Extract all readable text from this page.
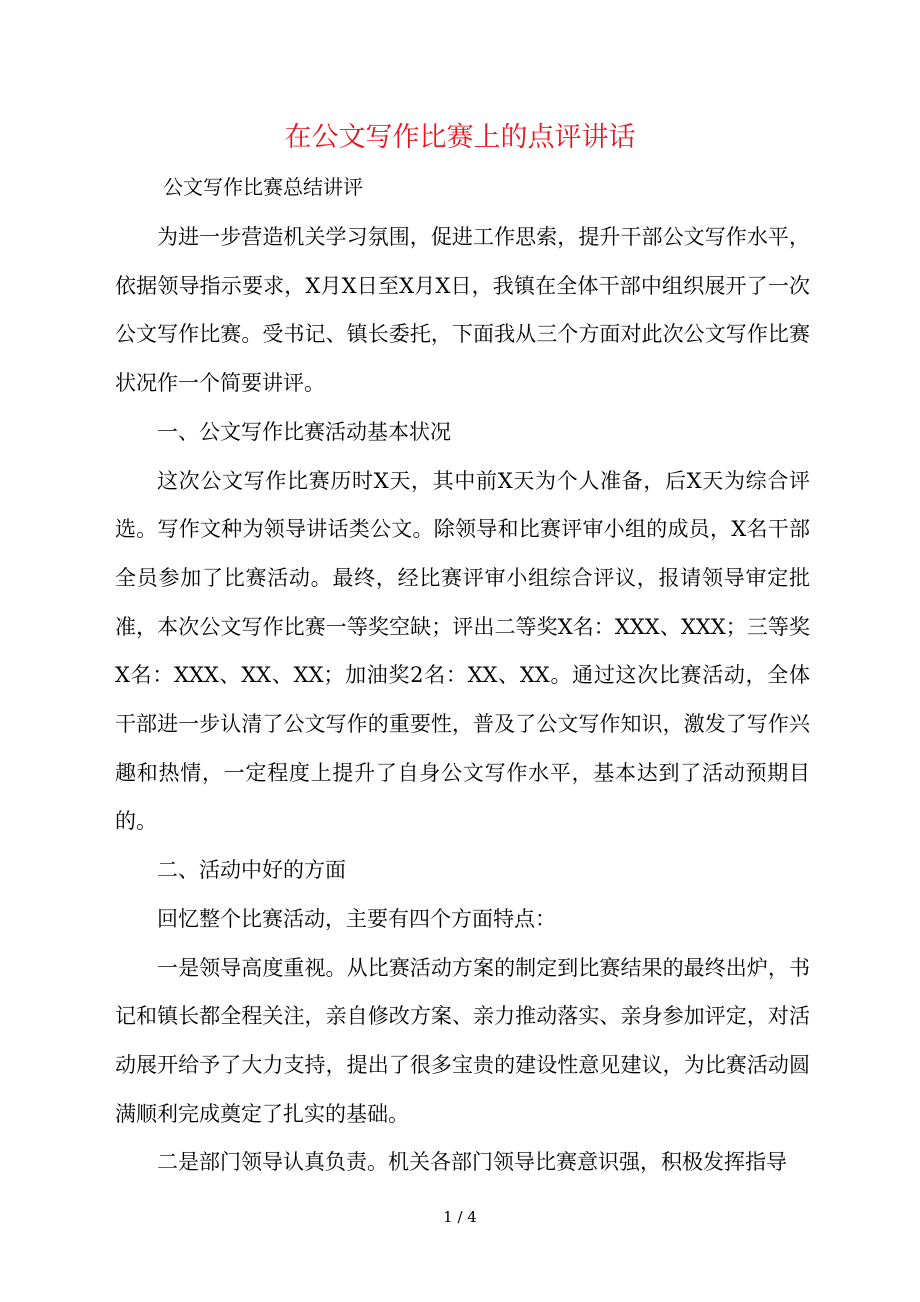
在公文写作比赛上的点评讲话

公文写作比赛总结讲评

为进一步营造机关学习氛围，促进工作思索，提升干部公文写作水平，依据领导指示要求，X月X日至X月X日，我镇在全体干部中组织展开了一次公文写作比赛。受书记、镇长委托，下面我从三个方面对此次公文写作比赛状况作一个简要讲评。

一、公文写作比赛活动基本状况

这次公文写作比赛历时X天，其中前X天为个人准备，后X天为综合评选。写作文种为领导讲话类公文。除领导和比赛评审小组的成员，X名干部全员参加了比赛活动。最终，经比赛评审小组综合评议，报请领导审定批准，本次公文写作比赛一等奖空缺；评出二等奖X名：XXX、XXX；三等奖X名：XXX、XX、XX；加油奖2名：XX、XX。通过这次比赛活动，全体干部进一步认清了公文写作的重要性，普及了公文写作知识，激发了写作兴趣和热情，一定程度上提升了自身公文写作水平，基本达到了活动预期目的。

二、活动中好的方面

回忆整个比赛活动，主要有四个方面特点：

一是领导高度重视。从比赛活动方案的制定到比赛结果的最终出炉，书记和镇长都全程关注，亲自修改方案、亲力推动落实、亲身参加评定，对活动展开给予了大力支持，提出了很多宝贵的建设性意见建议，为比赛活动圆满顺利完成奠定了扎实的基础。

二是部门领导认真负责。机关各部门领导比赛意识强，积极发挥指导

1 / 4
